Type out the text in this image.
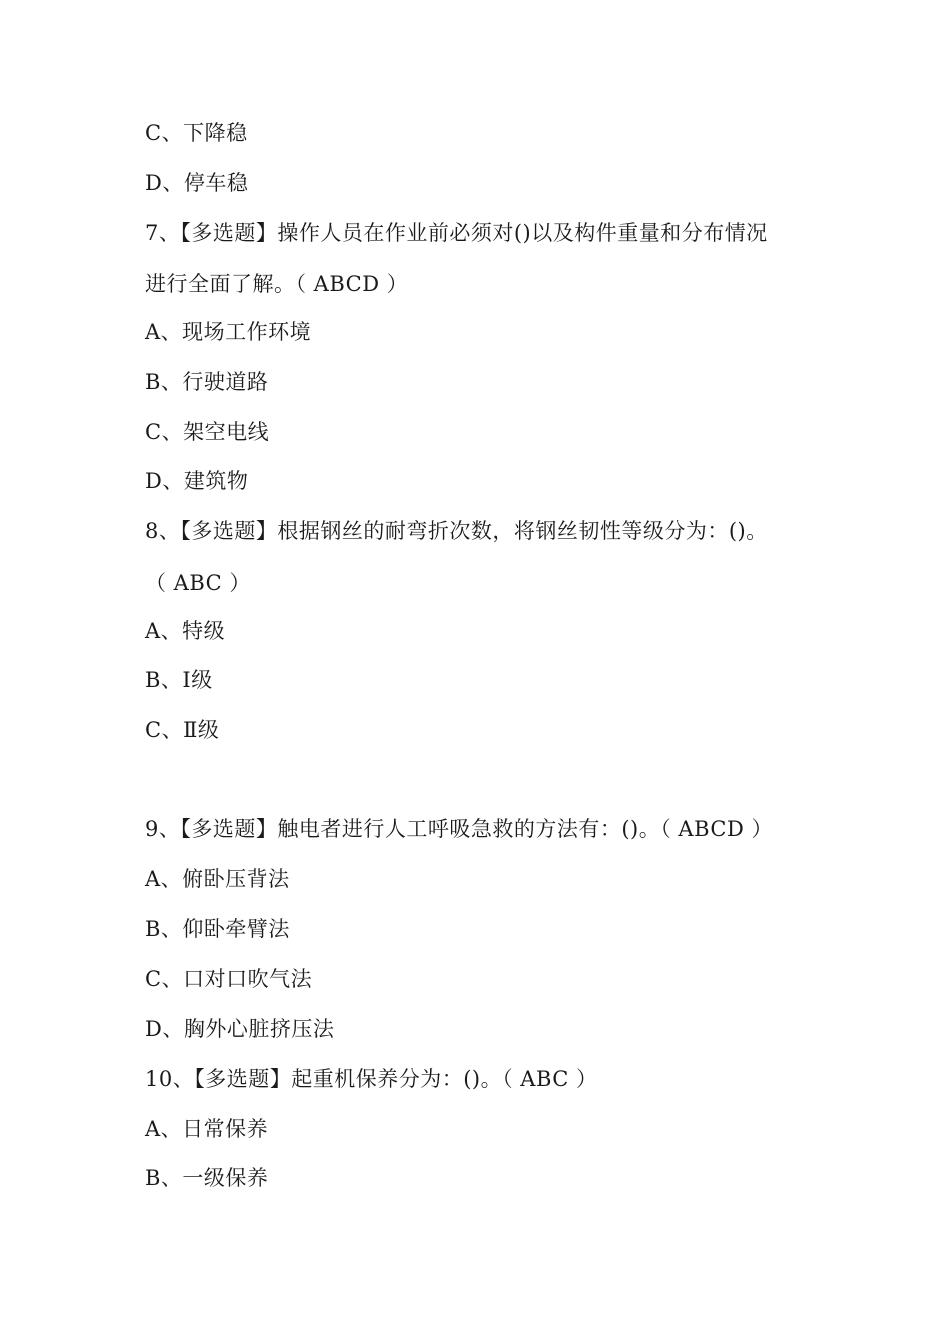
C、下降稳
D、停车稳
7、【多选题】操作人员在作业前必须对()以及构件重量和分布情况
进行全面了解。（ ABCD ）
A、现场工作环境
B、行驶道路
C、架空电线
D、建筑物
8、【多选题】根据钢丝的耐弯折次数，将钢丝韧性等级分为：()。
（ ABC ）
A、特级
B、Ⅰ级
C、Ⅱ级
9、【多选题】触电者进行人工呼吸急救的方法有：()。（ ABCD ）
A、俯卧压背法
B、仰卧牵臂法
C、口对口吹气法
D、胸外心脏挤压法
10、【多选题】起重机保养分为：()。（ ABC ）
A、日常保养
B、一级保养
